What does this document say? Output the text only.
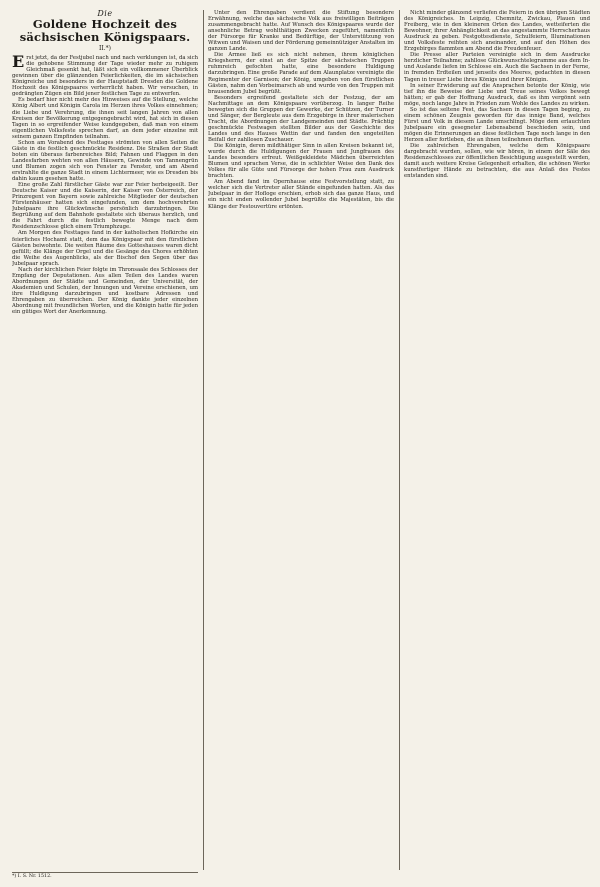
Die
Goldene Hochzeit des sächsischen Königspaars.
II.*)

Erst jetzt, da der Festjubel nach und nach verklungen ist, da sich die gehobene Stimmung der Tage wieder mehr zu ruhigem Gleichmaß gesenkt hat, läßt sich ein vollkommener Überblick gewinnen über die glänzenden Feierlichkeiten, die im sächsischen Königreiche und besonders in der Hauptstadt Dresden die Goldene Hochzeit des Königspaares verherrlicht haben. Wir versuchen, in gedrängten Zügen ein Bild jener festlichen Tage zu entwerfen.

Es bedarf hier nicht mehr des Hinweises auf die Stellung, welche König Albert und Königin Carola im Herzen ihres Volkes einnehmen; die Liebe und Verehrung, die ihnen seit langen Jahren von allen Kreisen der Bevölkerung entgegengebracht wird, hat sich in diesen Tagen in so ergreifender Weise kundgegeben, daß man von einem eigentlichen Volksfeste sprechen darf, an dem jeder einzelne mit seinem ganzen Empfinden teilnahm.

Schon am Vorabend des Festtages strömten von allen Seiten die Gäste in die festlich geschmückte Residenz. Die Straßen der Stadt boten ein überaus farbenreiches Bild; Fahnen und Flaggen in den Landesfarben wehten von allen Häusern, Gewinde von Tannengrün und Blumen zogen sich von Fenster zu Fenster, und am Abend erstrahlte die ganze Stadt in einem Lichtermeer, wie es Dresden bis dahin kaum gesehen hatte.

Eine große Zahl fürstlicher Gäste war zur Feier herbeigeeilt. Der Deutsche Kaiser und die Kaiserin, der Kaiser von Österreich, der Prinzregent von Bayern sowie zahlreiche Mitglieder der deutschen Fürstenhäuser hatten sich eingefunden, um dem hochverehrten Jubelpaare ihre Glückwünsche persönlich darzubringen. Die Begrüßung auf dem Bahnhofe gestaltete sich überaus herzlich, und die Fahrt durch die festlich bewegte Menge nach dem Residenzschlosse glich einem Triumphzuge.

Am Morgen des Festtages fand in der katholischen Hofkirche ein feierliches Hochamt statt, dem das Königspaar mit den fürstlichen Gästen beiwohnte. Die weiten Räume des Gotteshauses waren dicht gefüllt; die Klänge der Orgel und die Gesänge des Chores erhöhten die Weihe des Augenblicks, als der Bischof den Segen über das Jubelpaar sprach.

Nach der kirchlichen Feier folgte im Thronsaale des Schlosses der Empfang der Deputationen. Aus allen Teilen des Landes waren Abordnungen der Städte und Gemeinden, der Universität, der Akademien und Schulen, der Innungen und Vereine erschienen, um ihre Huldigung darzubringen und kostbare Adressen und Ehrengaben zu überreichen. Der König dankte jeder einzelnen Abordnung mit freundlichen Worten, und die Königin hatte für jeden ein gütiges Wort der Anerkennung.

Unter den Ehrengaben verdient die Stiftung besondere Erwähnung, welche das sächsische Volk aus freiwilligen Beiträgen zusammengebracht hatte. Auf Wunsch des Königspaares wurde der ansehnliche Betrag wohlthätigen Zwecken zugeführt, namentlich der Fürsorge für Kranke und Bedürftige, der Unterstützung von Witwen und Waisen und der Förderung gemeinnütziger Anstalten im ganzen Lande.

Die Armee ließ es sich nicht nehmen, ihrem königlichen Kriegsherrn, der einst an der Spitze der sächsischen Truppen ruhmreich gefochten hatte, eine besondere Huldigung darzubringen. Eine große Parade auf dem Alaunplatze vereinigte die Regimenter der Garnison; der König, umgeben von den fürstlichen Gästen, nahm den Vorbeimarsch ab und wurde von den Truppen mit brausendem Jubel begrüßt.

Besonders ergreifend gestaltete sich der Festzug, der am Nachmittage an dem Königspaare vorüberzog. In langer Reihe bewegten sich die Gruppen der Gewerke, der Schützen, der Turner und Sänger, der Bergleute aus dem Erzgebirge in ihrer malerischen Tracht, die Abordnungen der Landgemeinden und Städte. Prächtig geschmückte Festwagen stellten Bilder aus der Geschichte des Landes und des Hauses Wettin dar und fanden den ungeteilten Beifall der zahllosen Zuschauer.

Die Königin, deren mildthätiger Sinn in allen Kreisen bekannt ist, wurde durch die Huldigungen der Frauen und Jungfrauen des Landes besonders erfreut. Weißgekleidete Mädchen überreichten Blumen und sprachen Verse, die in schlichter Weise den Dank des Volkes für alle Güte und Fürsorge der hohen Frau zum Ausdruck brachten.

Am Abend fand im Opernhause eine Festvorstellung statt, zu welcher sich die Vertreter aller Stände eingefunden hatten. Als das Jubelpaar in der Hofloge erschien, erhob sich das ganze Haus, und ein nicht enden wollender Jubel begrüßte die Majestäten, bis die Klänge der Festouvertüre ertönten.

Nicht minder glänzend verliefen die Feiern in den übrigen Städten des Königreiches. In Leipzig, Chemnitz, Zwickau, Plauen und Freiberg, wie in den kleineren Orten des Landes, wetteiferten die Bewohner, ihrer Anhänglichkeit an das angestammte Herrscherhaus Ausdruck zu geben. Festgottesdienste, Schulfeiern, Illuminationen und Volksfeste reihten sich aneinander, und auf den Höhen des Erzgebirges flammten am Abend die Freudenfeuer.

Die Presse aller Parteien vereinigte sich in dem Ausdrucke herzlicher Teilnahme; zahllose Glückwunschtelegramme aus dem In- und Auslande liefen im Schlosse ein. Auch die Sachsen in der Ferne, in fremden Erdteilen und jenseits des Meeres, gedachten in diesen Tagen in treuer Liebe ihres Königs und ihrer Königin.

In seiner Erwiderung auf die Ansprachen betonte der König, wie tief ihn die Beweise der Liebe und Treue seines Volkes bewegt hätten; er gab der Hoffnung Ausdruck, daß es ihm vergönnt sein möge, noch lange Jahre in Frieden zum Wohle des Landes zu wirken.

So ist das seltene Fest, das Sachsen in diesen Tagen beging, zu einem schönen Zeugnis geworden für das innige Band, welches Fürst und Volk in diesem Lande umschlingt. Möge dem erlauchten Jubelpaare ein gesegneter Lebensabend beschieden sein, und mögen die Erinnerungen an diese festlichen Tage noch lange in den Herzen aller fortleben, die an ihnen teilnehmen durften.

Die zahlreichen Ehrengaben, welche dem Königspaare dargebracht wurden, sollen, wie wir hören, in einem der Säle des Residenzschlosses zur öffentlichen Besichtigung ausgestellt werden, damit auch weitere Kreise Gelegenheit erhalten, die schönen Werke kunstfertiger Hände zu betrachten, die aus Anlaß des Festes entstanden sind.

*) I. S. Nr. 1512.
